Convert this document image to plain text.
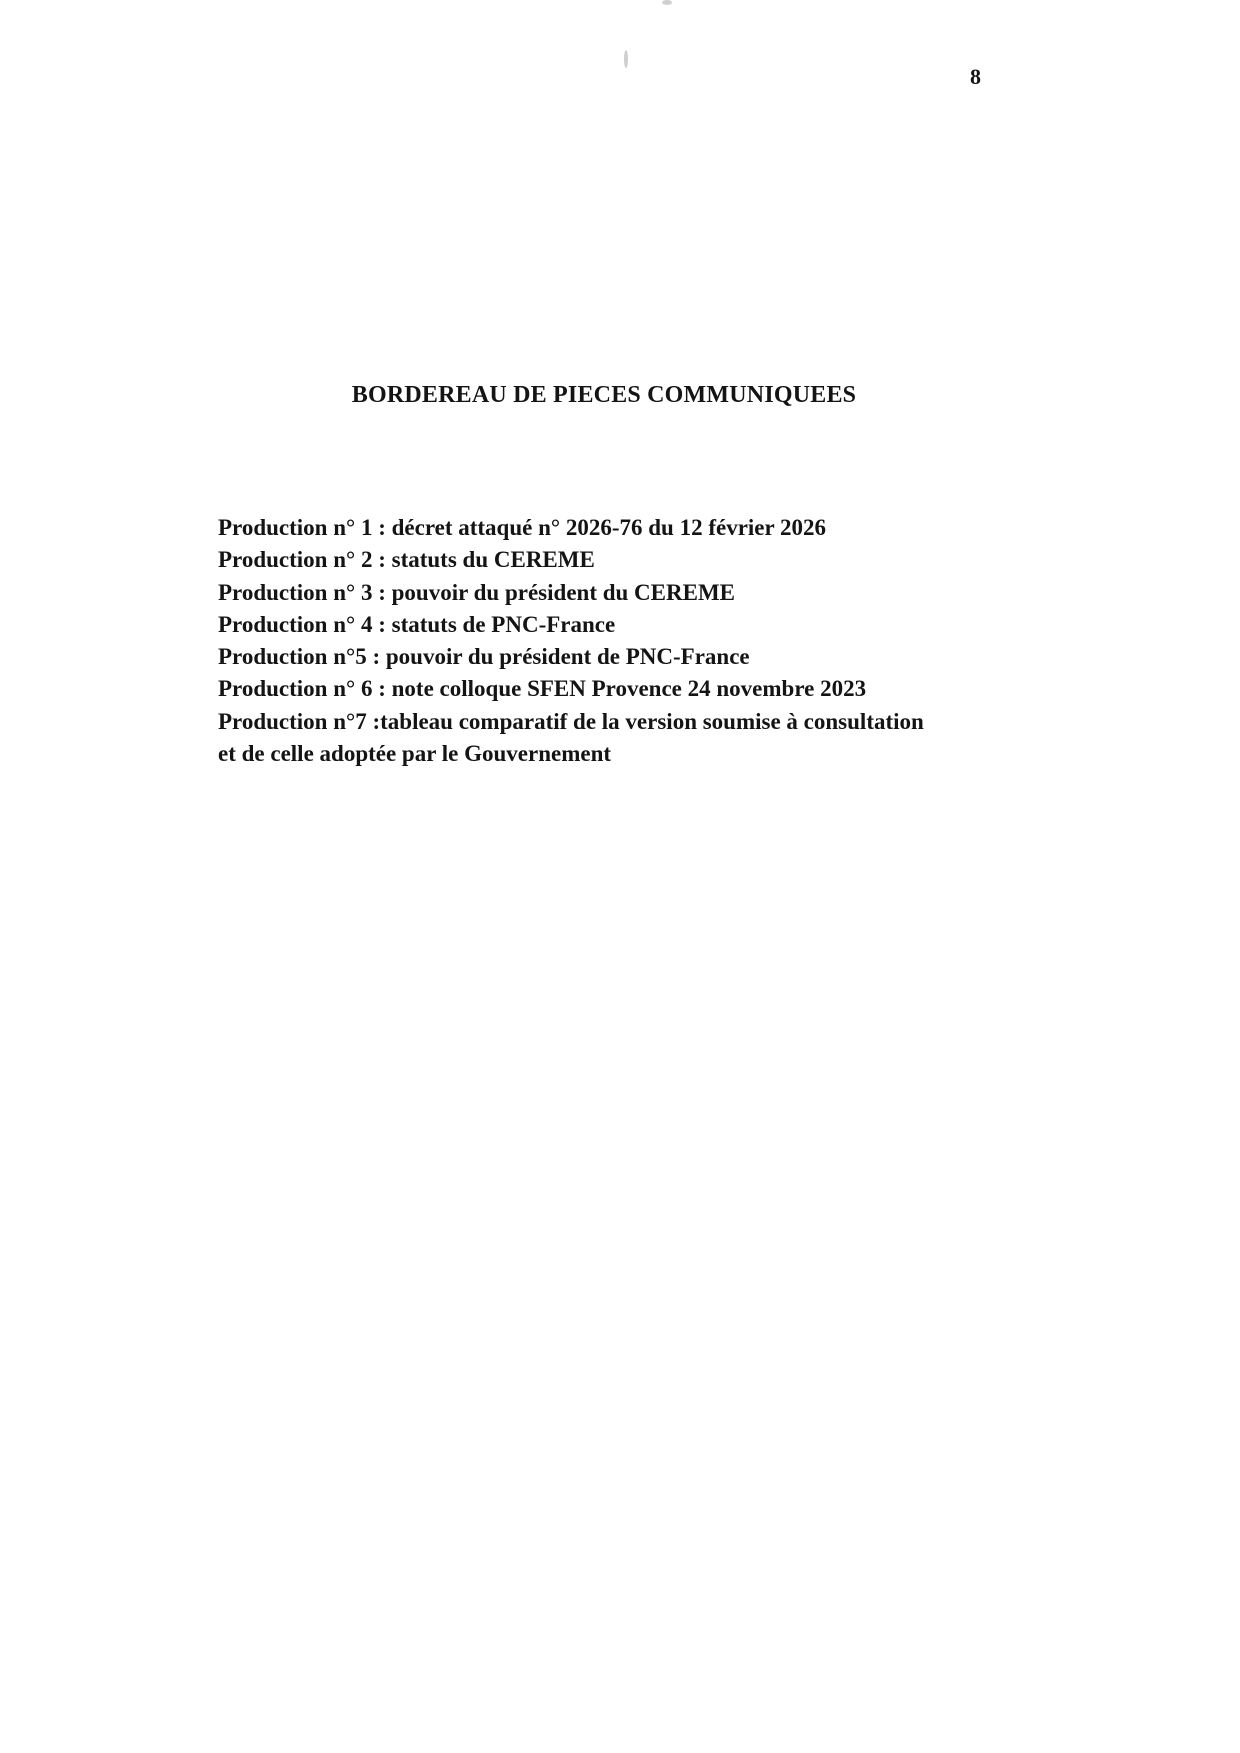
8
BORDEREAU DE PIECES COMMUNIQUEES
Production n° 1 : décret attaqué n° 2026-76 du 12 février 2026
Production n° 2 : statuts du CEREME
Production n° 3 : pouvoir du président du CEREME
Production n° 4 : statuts de PNC-France
Production n°5 : pouvoir du président de PNC-France
Production n° 6 : note colloque SFEN Provence 24 novembre 2023
Production n°7 :tableau comparatif de la version soumise à consultation
et de celle adoptée par le Gouvernement
